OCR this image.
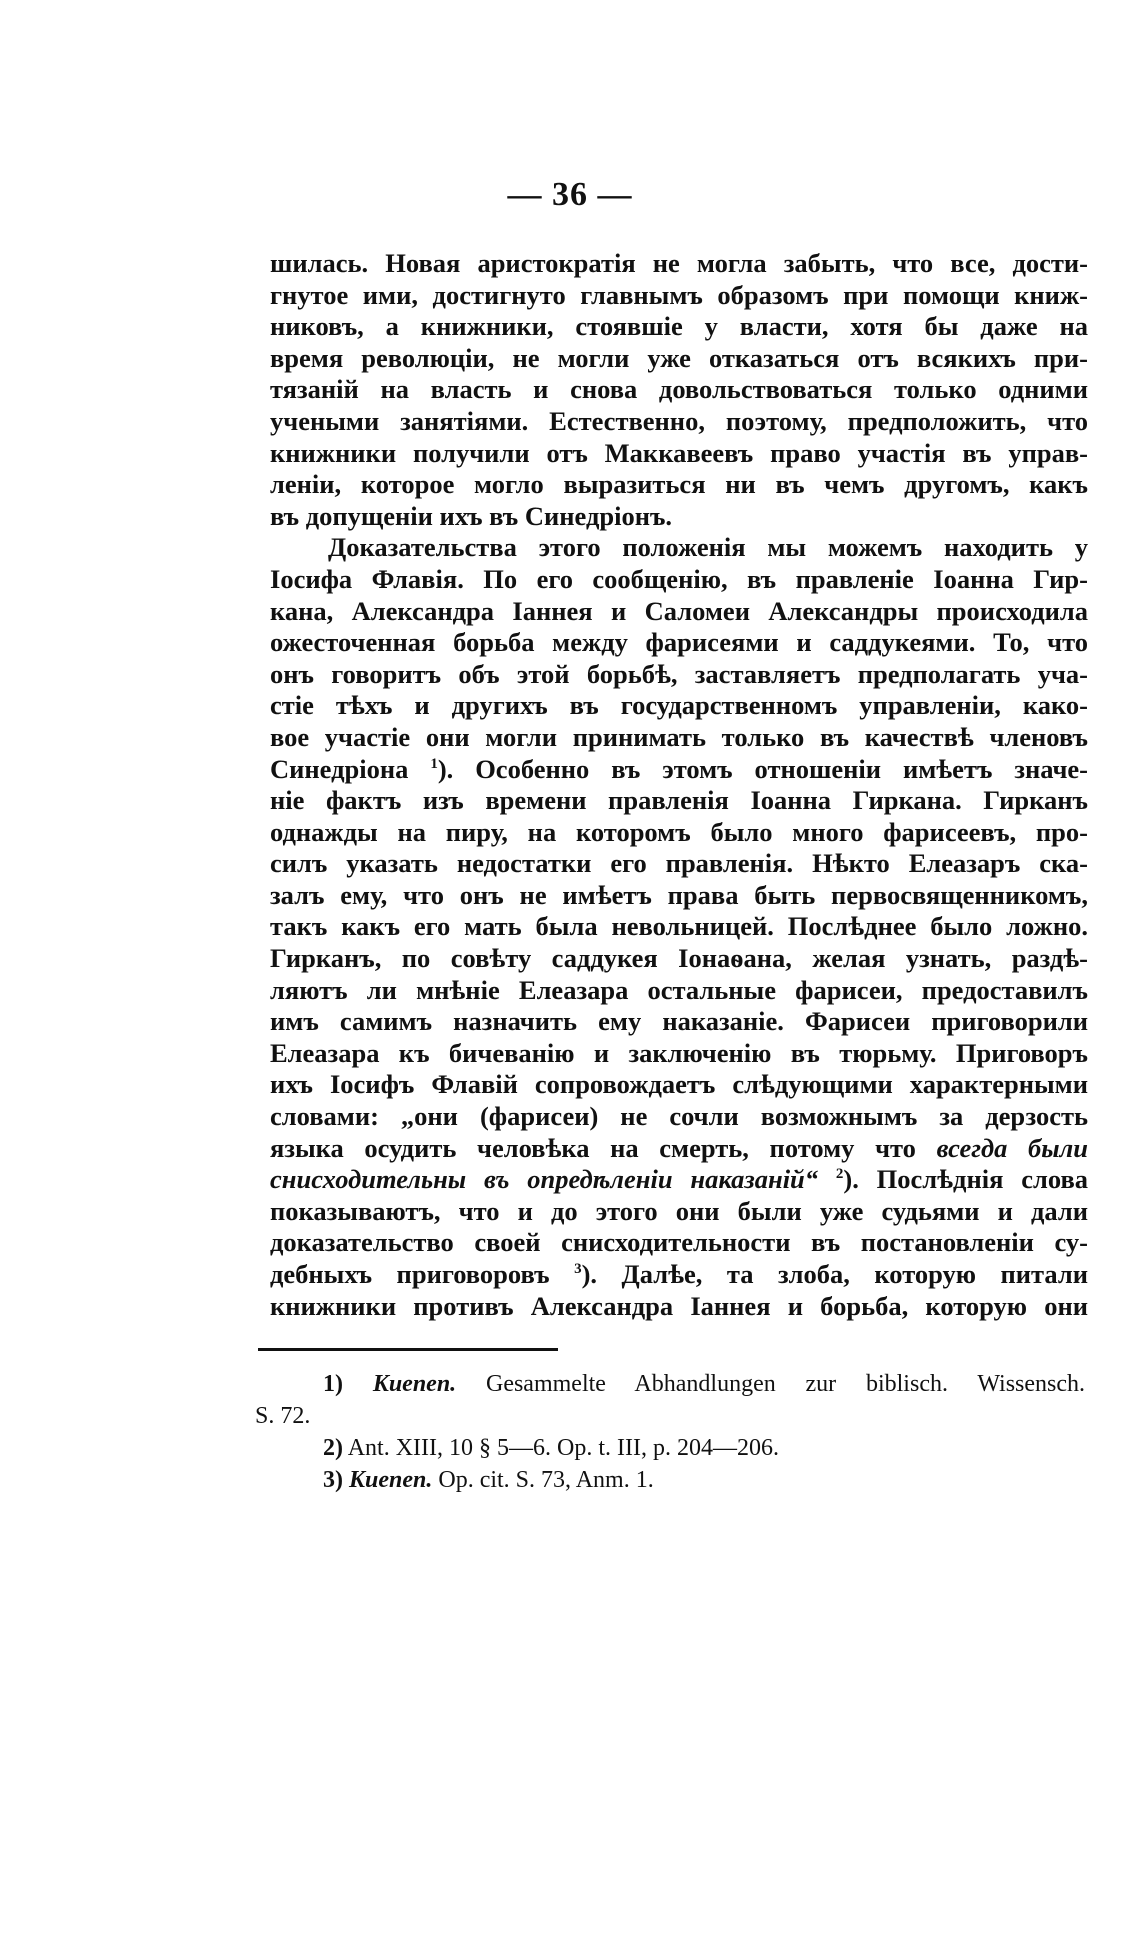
— 36 —
шилась. Новая аристократія не могла забыть, что все, дости-
гнутое ими, достигнуто главнымъ образомъ при помощи книж-
никовъ, а книжники, стоявшіе у власти, хотя бы даже на
время революціи, не могли уже отказаться отъ всякихъ при-
тязаній на власть и снова довольствоваться только одними
учеными занятіями. Естественно, поэтому, предположить, что
книжники получили отъ Маккавеевъ право участія въ управ-
леніи, которое могло выразиться ни въ чемъ другомъ, какъ
въ допущеніи ихъ въ Синедріонъ.
Доказательства этого положенія мы можемъ находить у
Іосифа Флавія. По его сообщенію, въ правленіе Іоанна Гир-
кана, Александра Іаннея и Саломеи Александры происходила
ожесточенная борьба между фарисеями и саддукеями. То, что
онъ говоритъ объ этой борьбѣ, заставляетъ предполагать уча-
стіе тѣхъ и другихъ въ государственномъ управленіи, како-
вое участіе они могли принимать только въ качествѣ членовъ
Синедріона $^1$). Особенно въ этомъ отношеніи имѣетъ значе-
ніе фактъ изъ времени правленія Іоанна Гиркана. Гирканъ
однажды на пиру, на которомъ было много фарисеевъ, про-
силъ указать недостатки его правленія. Нѣкто Елеазаръ ска-
залъ ему, что онъ не имѣетъ права быть первосвященникомъ,
такъ какъ его мать была невольницей. Послѣднее было ложно.
Гирканъ, по совѣту саддукея Іонаѳана, желая узнать, раздѣ-
ляютъ ли мнѣніе Елеазара остальные фарисеи, предоставилъ
имъ самимъ назначить ему наказаніе. Фарисеи приговорили
Елеазара къ бичеванію и заключенію въ тюрьму. Приговоръ
ихъ Іосифъ Флавій сопровождаетъ слѣдующими характерными
словами: „они (фарисеи) не сочли возможнымъ за дерзость
языка осудить человѣка на смерть, потому что всегда были
снисходительны въ опредѣленіи наказаній“ $^2$). Послѣднія слова
показываютъ, что и до этого они были уже судьями и дали
доказательство своей снисходительности въ постановленіи су-
дебныхъ приговоровъ $^3$). Далѣе, та злоба, которую питали
книжники противъ Александра Іаннея и борьба, которую они
1) Kuenen. Gesammelte Abhandlungen zur biblisch. Wissensch.
S. 72.
2) Ant. XIII, 10 § 5—6. Op. t. III, p. 204—206.
3) Kuenen. Op. cit. S. 73, Anm. 1.
